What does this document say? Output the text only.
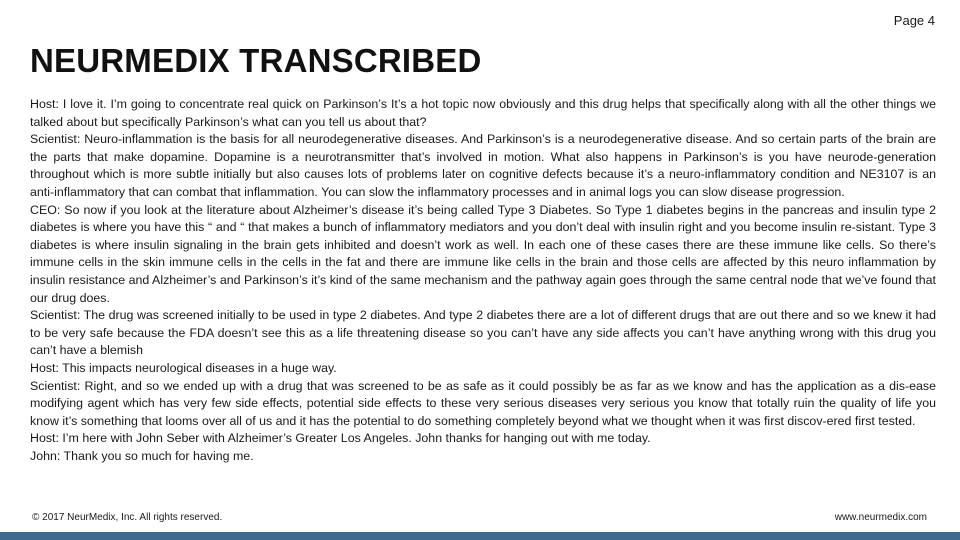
Page 4
NEURMEDIX TRANSCRIBED

Host: I love it. I’m going to concentrate real quick on Parkinson’s It’s a hot topic now obviously and this drug helps that specifically along with all the other things we talked about but specifically Parkinson’s what can you tell us about that?

Scientist: Neuro-inflammation is the basis for all neurodegenerative diseases. And Parkinson’s is a neurodegenerative disease. And so certain parts of the brain are the parts that make dopamine. Dopamine is a neurotransmitter that’s involved in motion. What also happens in Parkinson’s is you have neurode-generation throughout which is more subtle initially but also causes lots of problems later on cognitive defects because it’s a neuro-inflammatory condition and NE3107 is an anti-inflammatory that can combat that inflammation. You can slow the inflammatory processes and in animal logs you can slow disease progression.

CEO: So now if you look at the literature about Alzheimer’s disease it’s being called Type 3 Diabetes. So Type 1 diabetes begins in the pancreas and insulin type 2 diabetes is where you have this “ and “ that makes a bunch of inflammatory mediators and you don’t deal with insulin right and you become insulin re-sistant. Type 3 diabetes is where insulin signaling in the brain gets inhibited and doesn’t work as well. In each one of these cases there are these immune like cells. So there’s immune cells in the skin immune cells in the cells in the fat and there are immune like cells in the brain and those cells are affected by this neuro inflammation by insulin resistance and Alzheimer’s and Parkinson’s it’s kind of the same mechanism and the pathway again goes through the same central node that we’ve found that our drug does.

Scientist: The drug was screened initially to be used in type 2 diabetes. And type 2 diabetes there are a lot of different drugs that are out there and so we knew it had to be very safe because the FDA doesn’t see this as a life threatening disease so you can’t have any side affects you can’t have anything wrong with this drug you can’t have a blemish

Host: This impacts neurological diseases in a huge way.

Scientist: Right, and so we ended up with a drug that was screened to be as safe as it could possibly be as far as we know and has the application as a dis-ease modifying agent which has very few side effects, potential side effects to these very serious diseases very serious you know that totally ruin the quality of life you know it’s something that looms over all of us and it has the potential to do something completely beyond what we thought when it was first discov-ered first tested.

Host: I’m here with John Seber with Alzheimer’s Greater Los Angeles. John thanks for hanging out with me today.

John: Thank you so much for having me.

© 2017 NeurMedix, Inc. All rights reserved.	www.neurmedix.com
